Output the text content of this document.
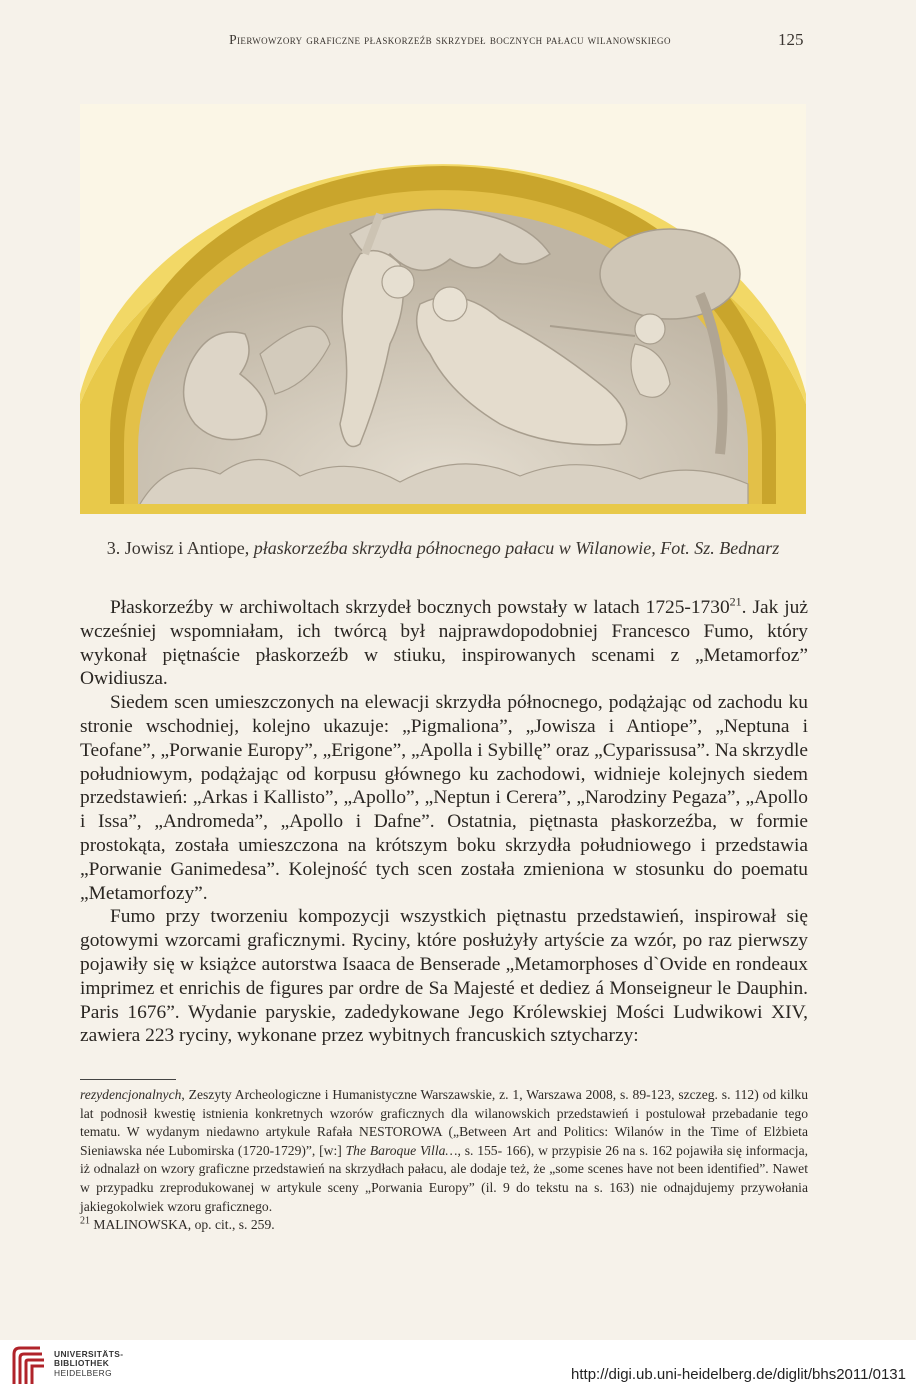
Pierwowzory graficzne płaskorzeźb skrzydeł bocznych pałacu wilanowskiego	125
3. Jowisz i Antiope, płaskorzeźba skrzydła północnego pałacu w Wilanowie, Fot. Sz. Bednarz

Płaskorzeźby w archiwoltach skrzydeł bocznych powstały w latach 1725-1730$^{21}$. Jak już wcześniej wspomniałam, ich twórcą był najprawdopodobniej Francesco Fumo, który wykonał piętnaście płaskorzeźb w stiuku, inspirowanych scenami z „Metamorfoz” Owidiusza.

Siedem scen umieszczonych na elewacji skrzydła północnego, podążając od zachodu ku stronie wschodniej, kolejno ukazuje: „Pigmaliona”, „Jowisza i Antiope”, „Neptuna i Teofane”, „Porwanie Europy”, „Erigone”, „Apolla i Sybillę” oraz „Cyparissusa”. Na skrzydle południowym, podążając od korpusu głównego ku zachodowi, widnieje kolejnych siedem przedstawień: „Arkas i Kallisto”, „Apollo”, „Neptun i Cerera”, „Narodziny Pegaza”, „Apollo i Issa”, „Andromeda”, „Apollo i Dafne”. Ostatnia, piętnasta płaskorzeźba, w formie prostokąta, została umieszczona na krótszym boku skrzydła południowego i przedstawia „Porwanie Ganimedesa”. Kolejność tych scen została zmieniona w stosunku do poematu „Metamorfozy”.

Fumo przy tworzeniu kompozycji wszystkich piętnastu przedstawień, inspirował się gotowymi wzorcami graficznymi. Ryciny, które posłużyły artyście za wzór, po raz pierwszy pojawiły się w książce autorstwa Isaaca de Benserade „Metamorphoses d`Ovide en rondeaux imprimez et enrichis de figures par ordre de Sa Majesté et dediez á Monseigneur le Dauphin. Paris 1676”. Wydanie paryskie, zadedykowane Jego Królewskiej Mości Ludwikowi XIV, zawiera 223 ryciny, wykonane przez wybitnych francuskich sztycharzy:

rezydencjonalnych, Zeszyty Archeologiczne i Humanistyczne Warszawskie, z. 1, Warszawa 2008, s. 89-123, szczeg. s. 112) od kilku lat podnosił kwestię istnienia konkretnych wzorów graficznych dla wilanowskich przedstawień i postulował przebadanie tego tematu. W wydanym niedawno artykule Rafała NESTOROWA („Between Art and Politics: Wilanów in the Time of Elżbieta Sieniawska née Lubomirska (1720-1729)”, [w:] The Baroque Villa…, s. 155- 166), w przypisie 26 na s. 162 pojawiła się informacja, iż odnalazł on wzory graficzne przedstawień na skrzydłach pałacu, ale dodaje też, że „some scenes have not been identified”. Nawet w przypadku zreprodukowanej w artykule sceny „Porwania Europy” (il. 9 do tekstu na s. 163) nie odnajdujemy przywołania jakiegokolwiek wzoru graficznego.
$^{21}$ MALINOWSKA, op. cit., s. 259.
UNIVERSITÄTS-
BIBLIOTHEK
HEIDELBERG	http://digi.ub.uni-heidelberg.de/diglit/bhs2011/0131
